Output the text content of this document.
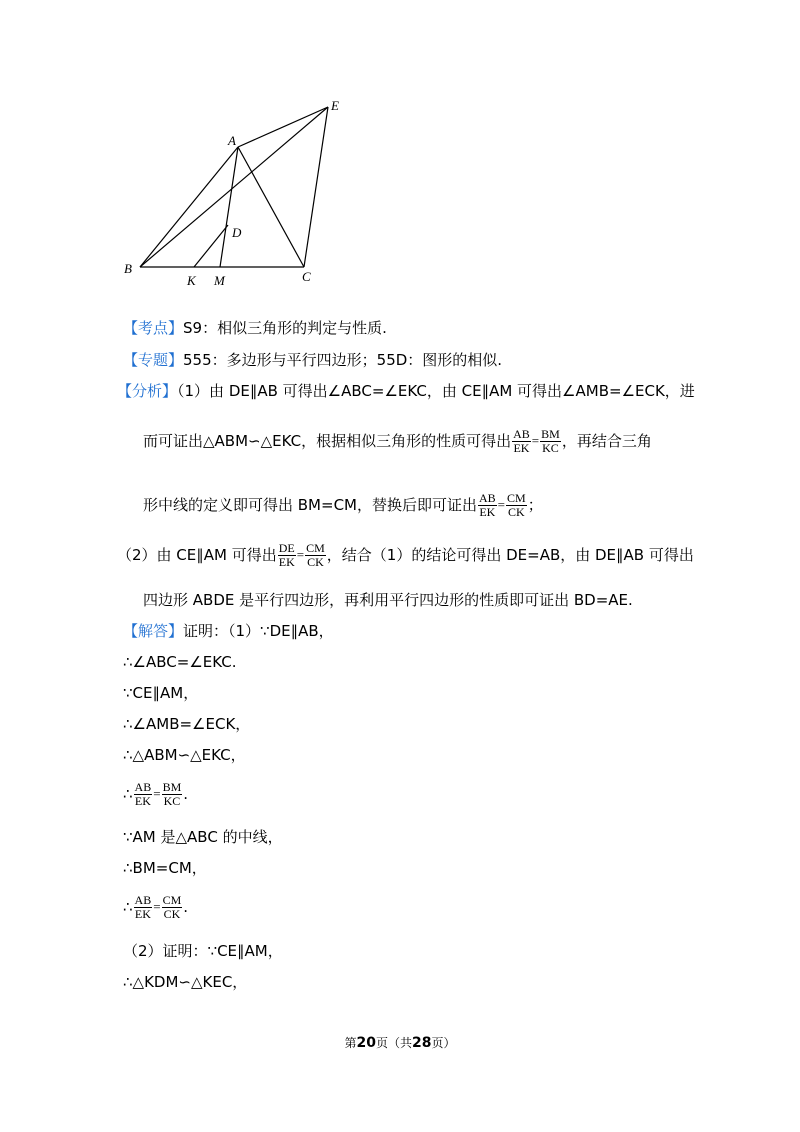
A
E
D
B
K M	C
【考点】S9：相似三角形的判定与性质.
【专题】555：多边形与平行四边形；55D：图形的相似.
【分析】（1）由 DE∥AB 可得出∠ABC=∠EKC，由 CE∥AM 可得出∠AMB=∠ECK，进
而可证出△ABM∽△EKC，根据相似三角形的性质可得出 $\frac{AB}{EK} = \frac{BM}{KC}$ ，再结合三角
形中线的定义即可得出 BM=CM，替换后即可证出 $\frac{AB}{EK} = \frac{CM}{CK}$ ；
（2）由 CE∥AM 可得出 $\frac{DE}{EK} = \frac{CM}{CK}$ ，结合（1）的结论可得出 DE=AB，由 DE∥AB 可得出
四边形 ABDE 是平行四边形，再利用平行四边形的性质即可证出 BD=AE.
【解答】证明：（1）∵DE∥AB，
∴∠ABC=∠EKC.
∵CE∥AM，
∴∠AMB=∠ECK，
∴△ABM∽△EKC，
∴ $\frac{AB}{EK} = \frac{BM}{KC}$ .
∵AM 是△ABC 的中线，
∴BM=CM，
∴ $\frac{AB}{EK} = \frac{CM}{CK}$ .
（2）证明：∵CE∥AM，
∴△KDM∽△KEC，
第20页（共28页）
